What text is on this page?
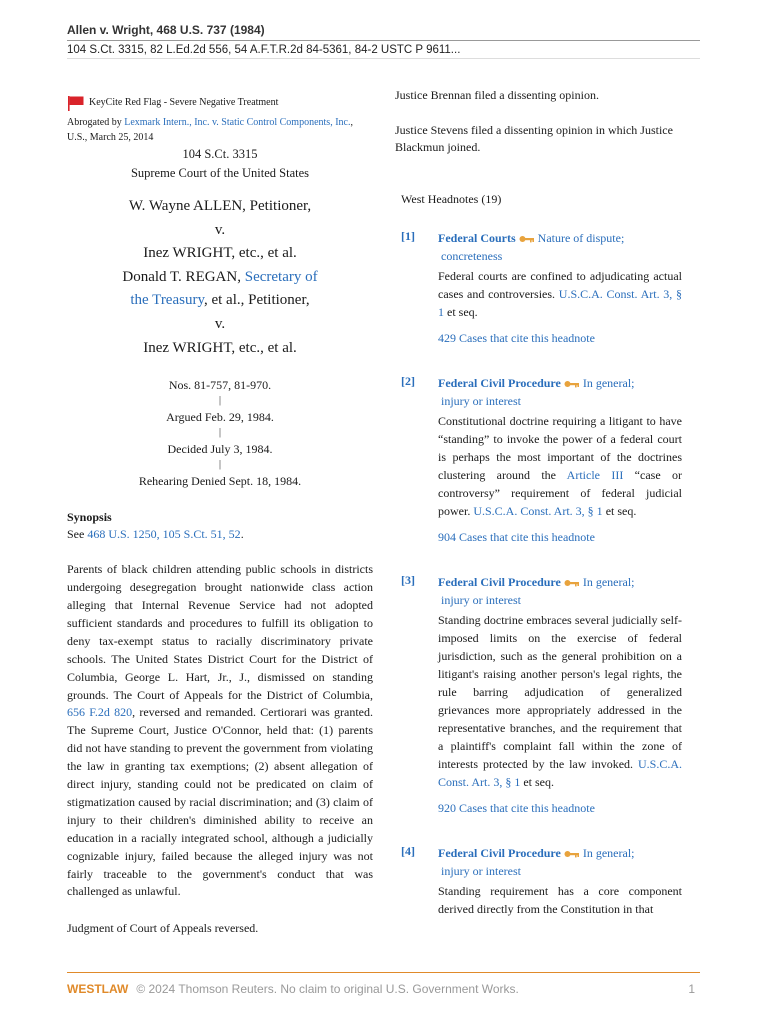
Allen v. Wright, 468 U.S. 737 (1984)
104 S.Ct. 3315, 82 L.Ed.2d 556, 54 A.F.T.R.2d 84-5361, 84-2 USTC P 9611...
KeyCite Red Flag - Severe Negative Treatment
Abrogated by Lexmark Intern., Inc. v. Static Control Components, Inc., U.S., March 25, 2014
104 S.Ct. 3315
Supreme Court of the United States
W. Wayne ALLEN, Petitioner,
v.
Inez WRIGHT, etc., et al.
Donald T. REGAN, Secretary of
the Treasury, et al., Petitioner,
v.
Inez WRIGHT, etc., et al.
Nos. 81-757, 81-970.
|
Argued Feb. 29, 1984.
|
Decided July 3, 1984.
|
Rehearing Denied Sept. 18, 1984.
Synopsis
See 468 U.S. 1250, 105 S.Ct. 51, 52.
Parents of black children attending public schools in districts undergoing desegregation brought nationwide class action alleging that Internal Revenue Service had not adopted sufficient standards and procedures to fulfill its obligation to deny tax-exempt status to racially discriminatory private schools. The United States District Court for the District of Columbia, George L. Hart, Jr., J., dismissed on standing grounds. The Court of Appeals for the District of Columbia, 656 F.2d 820, reversed and remanded. Certiorari was granted. The Supreme Court, Justice O'Connor, held that: (1) parents did not have standing to prevent the government from violating the law in granting tax exemptions; (2) absent allegation of direct injury, standing could not be predicated on claim of stigmatization caused by racial discrimination; and (3) claim of injury to their children's diminished ability to receive an education in a racially integrated school, although a judicially cognizable injury, failed because the alleged injury was not fairly traceable to the government's conduct that was challenged as unlawful.
Judgment of Court of Appeals reversed.

Justice Brennan filed a dissenting opinion.

Justice Stevens filed a dissenting opinion in which Justice Blackmun joined.

West Headnotes (19)
[1] Federal Courts Nature of dispute;
concreteness
Federal courts are confined to adjudicating actual cases and controversies. U.S.C.A. Const. Art. 3, § 1 et seq.
429 Cases that cite this headnote
[2] Federal Civil Procedure In general;
injury or interest
Constitutional doctrine requiring a litigant to have “standing” to invoke the power of a federal court is perhaps the most important of the doctrines clustering around the Article III “case or controversy” requirement of federal judicial power. U.S.C.A. Const. Art. 3, § 1 et seq.
904 Cases that cite this headnote
[3] Federal Civil Procedure In general;
injury or interest
Standing doctrine embraces several judicially self-imposed limits on the exercise of federal jurisdiction, such as the general prohibition on a litigant's raising another person's legal rights, the rule barring adjudication of generalized grievances more appropriately addressed in the representative branches, and the requirement that a plaintiff's complaint fall within the zone of interests protected by the law invoked. U.S.C.A. Const. Art. 3, § 1 et seq.
920 Cases that cite this headnote
[4] Federal Civil Procedure In general;
injury or interest
Standing requirement has a core component derived directly from the Constitution in that
WESTLAW © 2024 Thomson Reuters. No claim to original U.S. Government Works.	1
